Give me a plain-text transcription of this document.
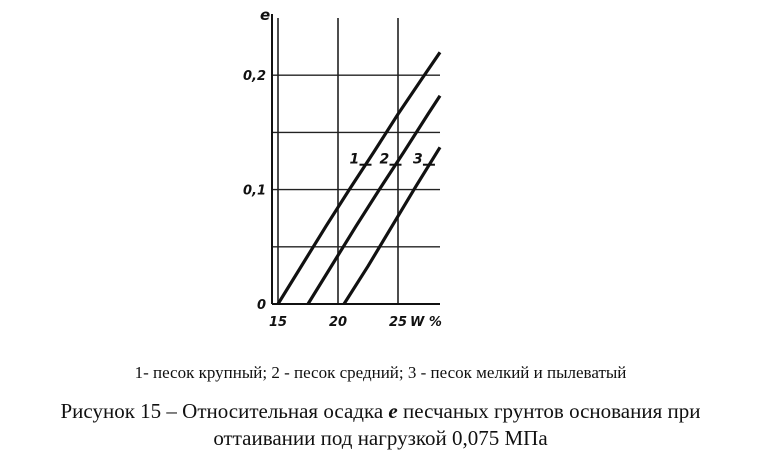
1 2 3
0
0,1
0,2
15	20	25
e
W %
1- песок крупный; 2 - песок средний; 3 - песок мелкий и пылеватый
Рисунок 15 – Относительная осадка e песчаных грунтов основания при
оттаивании под нагрузкой 0,075 МПа
